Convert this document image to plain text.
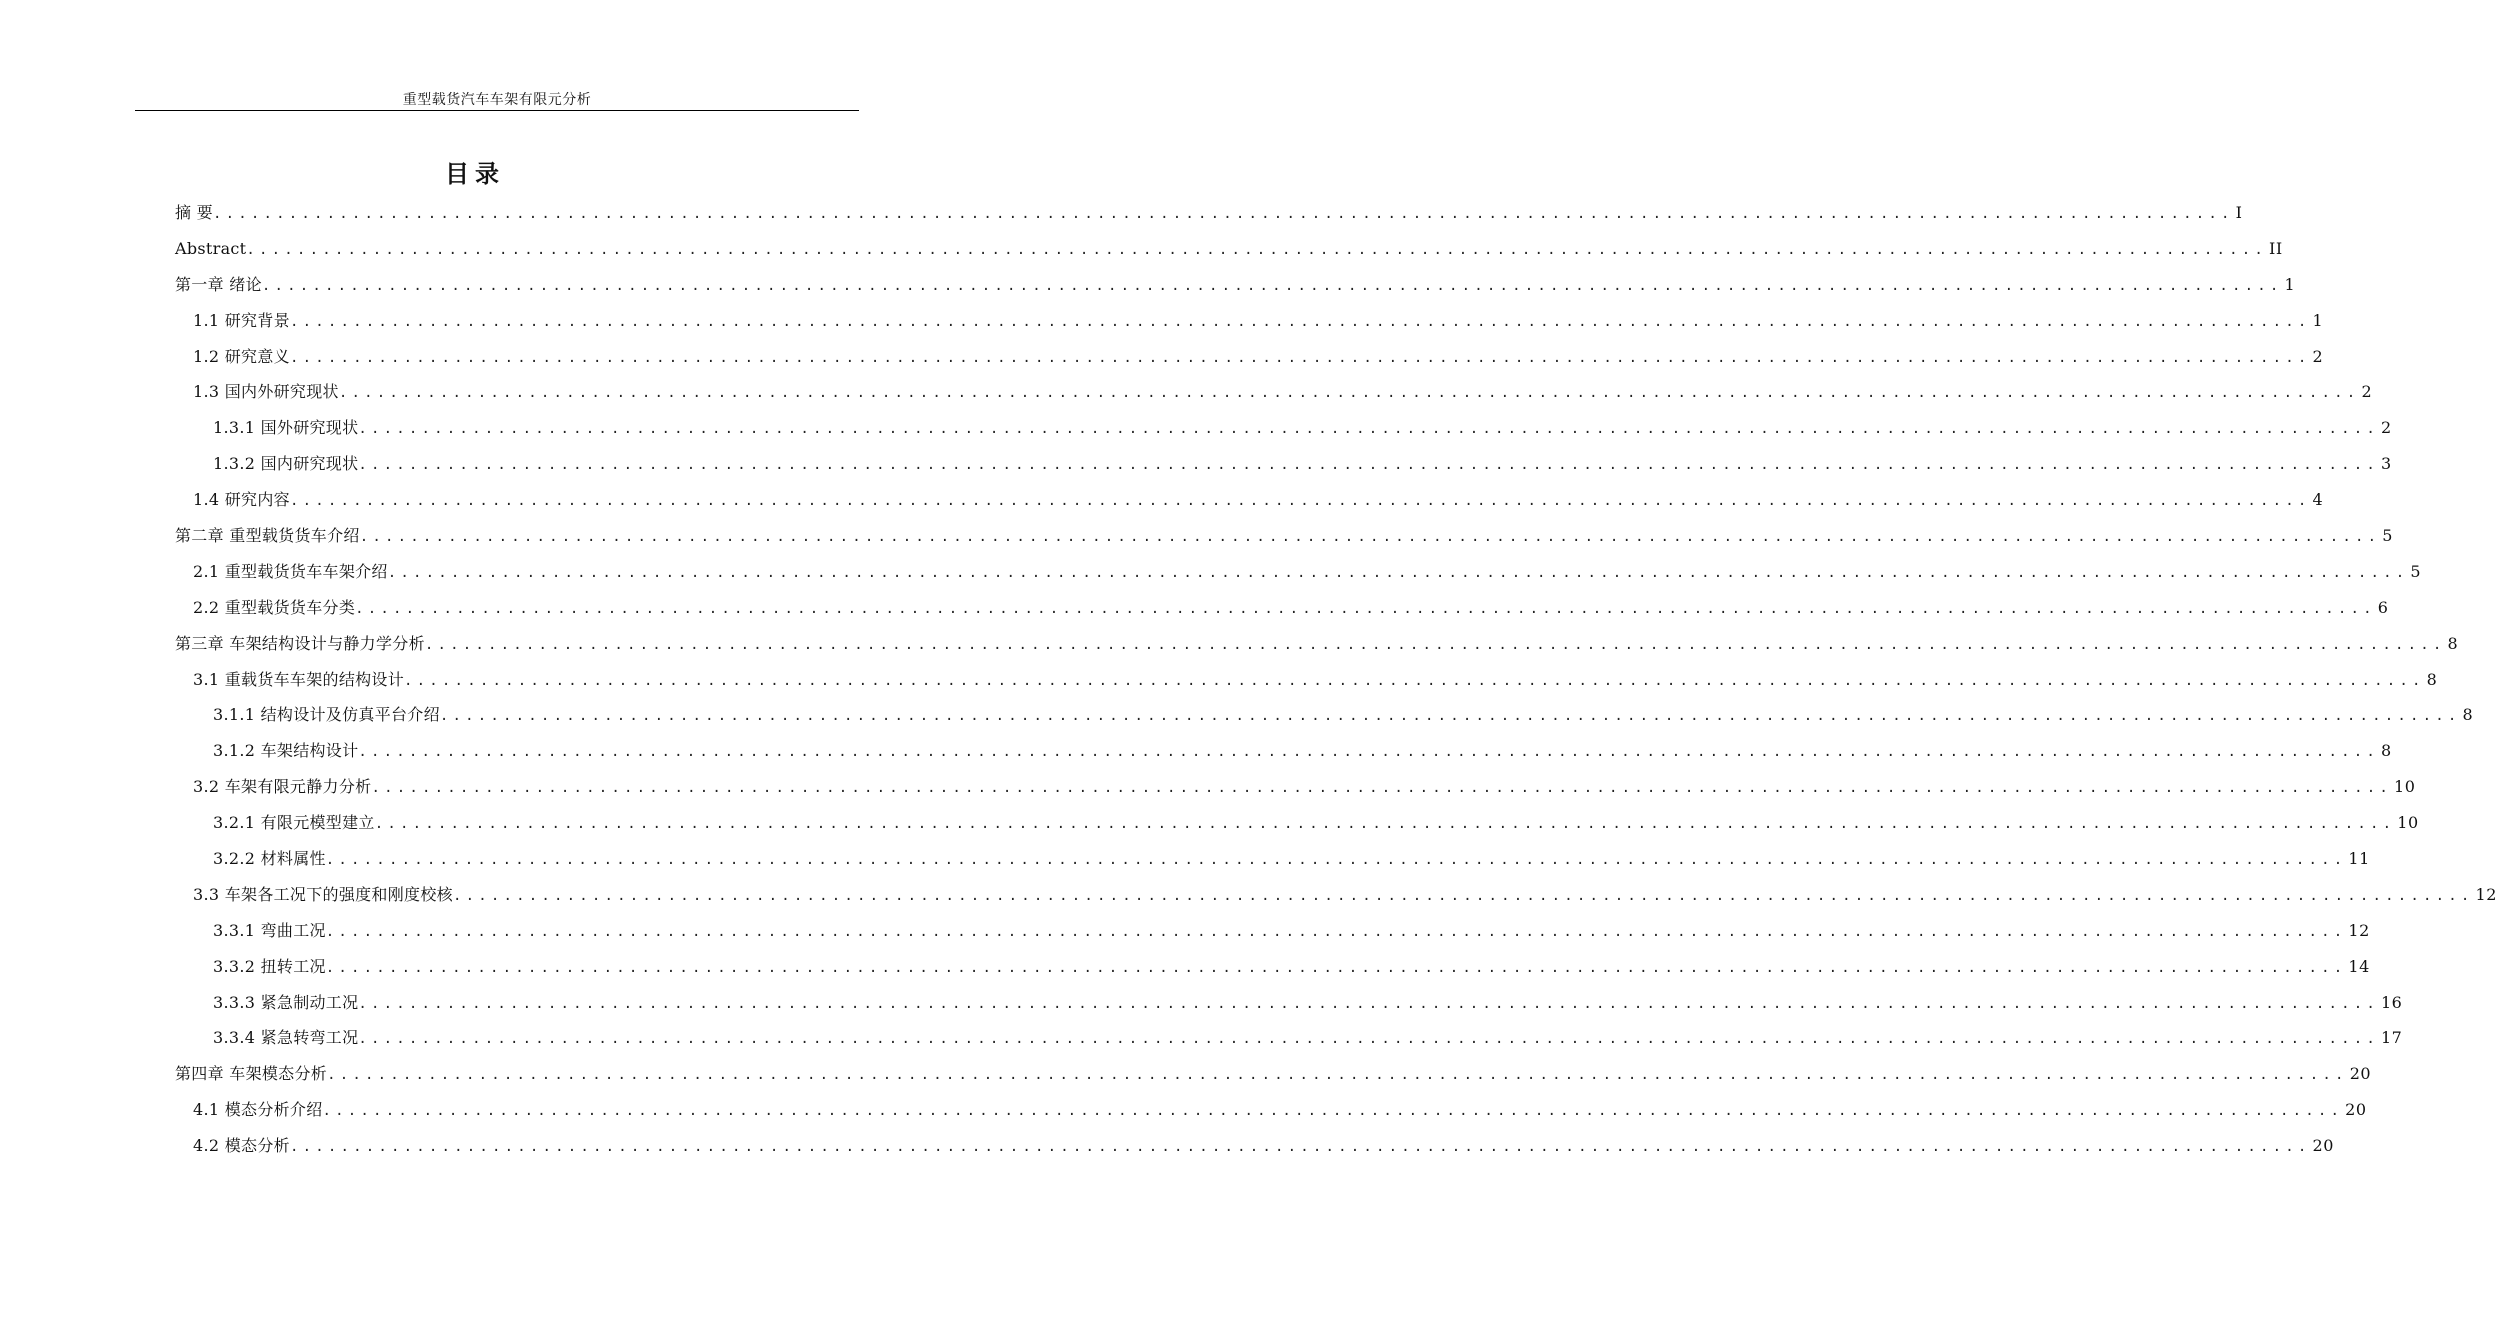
重型载货汽车车架有限元分析
目录
摘 要 ................................................................................................................................................................ I
Abstract ................................................................................................................................................................ II
第一章 绪论 ................................................................................................................................................................ 1
1.1 研究背景 ................................................................................................................................................................ 1
1.2 研究意义 ................................................................................................................................................................ 2
1.3 国内外研究现状 ................................................................................................................................................................ 2
1.3.1 国外研究现状 ................................................................................................................................................................ 2
1.3.2 国内研究现状 ................................................................................................................................................................ 3
1.4 研究内容 ................................................................................................................................................................ 4
第二章 重型载货货车介绍 ................................................................................................................................................................ 5
2.1 重型载货货车车架介绍 ................................................................................................................................................................ 5
2.2 重型载货货车分类 ................................................................................................................................................................ 6
第三章 车架结构设计与静力学分析 ................................................................................................................................................................ 8
3.1 重载货车车架的结构设计 ................................................................................................................................................................ 8
3.1.1 结构设计及仿真平台介绍 ................................................................................................................................................................ 8
3.1.2 车架结构设计 ................................................................................................................................................................ 8
3.2 车架有限元静力分析 ................................................................................................................................................................ 10
3.2.1 有限元模型建立 ................................................................................................................................................................ 10
3.2.2 材料属性 ................................................................................................................................................................ 11
3.3 车架各工况下的强度和刚度校核 ................................................................................................................................................................ 12
3.3.1 弯曲工况 ................................................................................................................................................................ 12
3.3.2 扭转工况 ................................................................................................................................................................ 14
3.3.3 紧急制动工况 ................................................................................................................................................................ 16
3.3.4 紧急转弯工况 ................................................................................................................................................................ 17
第四章 车架模态分析 ................................................................................................................................................................ 20
4.1 模态分析介绍 ................................................................................................................................................................ 20
4.2 模态分析 ................................................................................................................................................................ 20
